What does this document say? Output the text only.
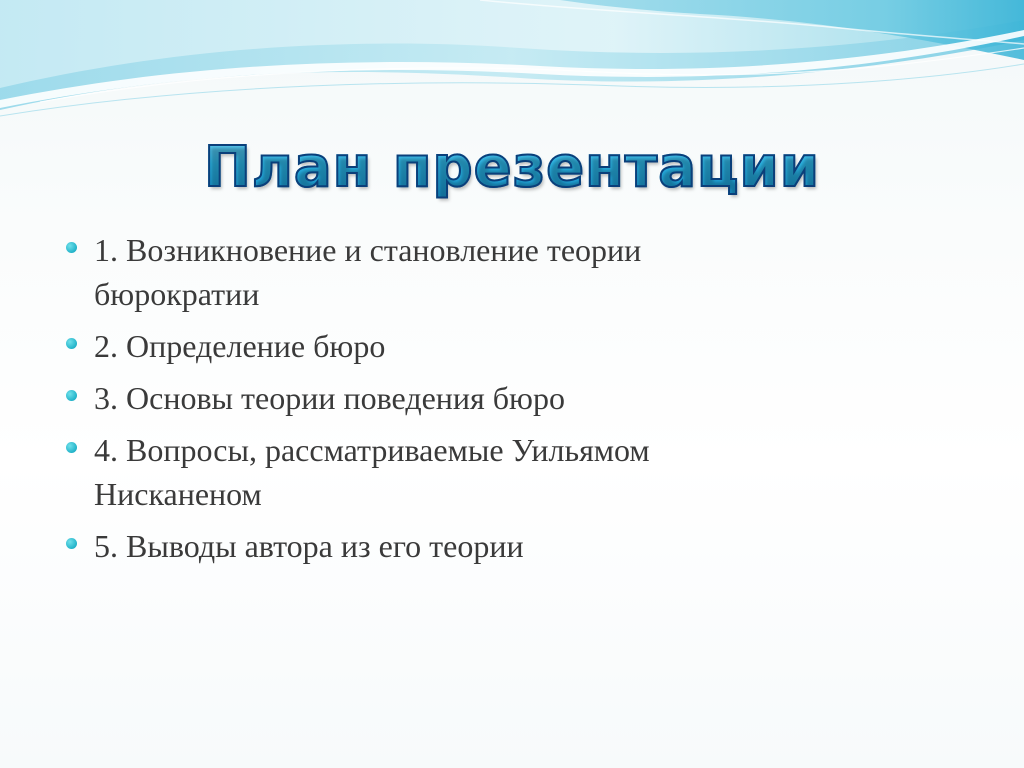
План презентации
1. Возникновение и становление теории бюрократии
2. Определение бюро
3. Основы теории поведения бюро
4. Вопросы, рассматриваемые Уильямом Нисканеном
5. Выводы автора из его теории
